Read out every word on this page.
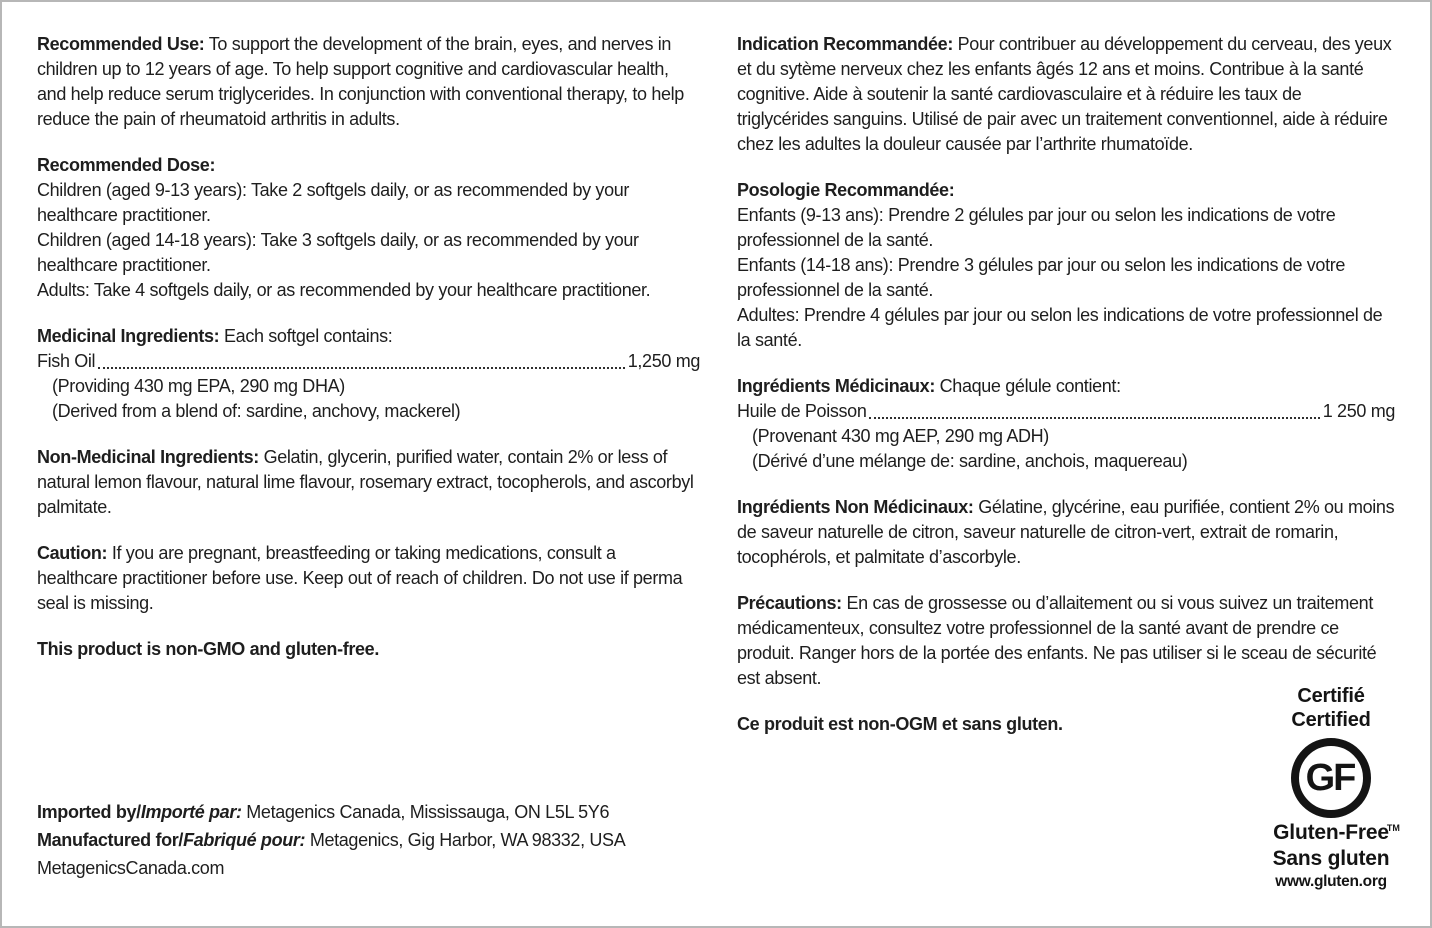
Recommended Use: To support the development of the brain, eyes, and nerves in children up to 12 years of age. To help support cognitive and cardiovascular health, and help reduce serum triglycerides. In conjunction with conventional therapy, to help reduce the pain of rheumatoid arthritis in adults.

Recommended Dose:

Children (aged 9-13 years): Take 2 softgels daily, or as recommended by your healthcare practitioner.

Children (aged 14-18 years): Take 3 softgels daily, or as recommended by your healthcare practitioner.

Adults: Take 4 softgels daily, or as recommended by your healthcare practitioner.

Medicinal Ingredients: Each softgel contains:

Fish Oil	1,250 mg

(Providing 430 mg EPA, 290 mg DHA)

(Derived from a blend of: sardine, anchovy, mackerel)

Non-Medicinal Ingredients: Gelatin, glycerin, purified water, contain 2% or less of natural lemon flavour, natural lime flavour, rosemary extract, tocopherols, and ascorbyl palmitate.

Caution: If you are pregnant, breastfeeding or taking medications, consult a healthcare practitioner before use. Keep out of reach of children. Do not use if perma seal is missing.

This product is non-GMO and gluten-free.

Indication Recommandée: Pour contribuer au développement du cerveau, des yeux et du sytème nerveux chez les enfants âgés 12 ans et moins. Contribue à la santé cognitive. Aide à soutenir la santé cardiovasculaire et à réduire les taux de triglycérides sanguins. Utilisé de pair avec un traitement conventionnel, aide à réduire chez les adultes la douleur causée par l’arthrite rhumatoïde.

Posologie Recommandée:

Enfants (9-13 ans): Prendre 2 gélules par jour ou selon les indications de votre professionnel de la santé.

Enfants (14-18 ans): Prendre 3 gélules par jour ou selon les indications de votre professionnel de la santé.

Adultes: Prendre 4 gélules par jour ou selon les indications de votre professionnel de la santé.

Ingrédients Médicinaux: Chaque gélule contient:

Huile de Poisson	1 250 mg

(Provenant 430 mg AEP, 290 mg ADH)

(Dérivé d’une mélange de: sardine, anchois, maquereau)

Ingrédients Non Médicinaux: Gélatine, glycérine, eau purifiée, contient 2% ou moins de saveur naturelle de citron, saveur naturelle de citron-vert, extrait de romarin, tocophérols, et palmitate d’ascorbyle.

Précautions: En cas de grossesse ou d’allaitement ou si vous suivez un traitement médicamenteux, consultez votre professionnel de la santé avant de prendre ce produit. Ranger hors de la portée des enfants. Ne pas utiliser si le sceau de sécurité est absent.

Ce produit est non-OGM et sans gluten.

Imported by/Importé par: Metagenics Canada, Mississauga, ON L5L 5Y6

Manufactured for/Fabriqué pour: Metagenics, Gig Harbor, WA 98332, USA

MetagenicsCanada.com

Certifié
Certified
GF
Gluten-Free
TM
Sans gluten
www.gluten.org
